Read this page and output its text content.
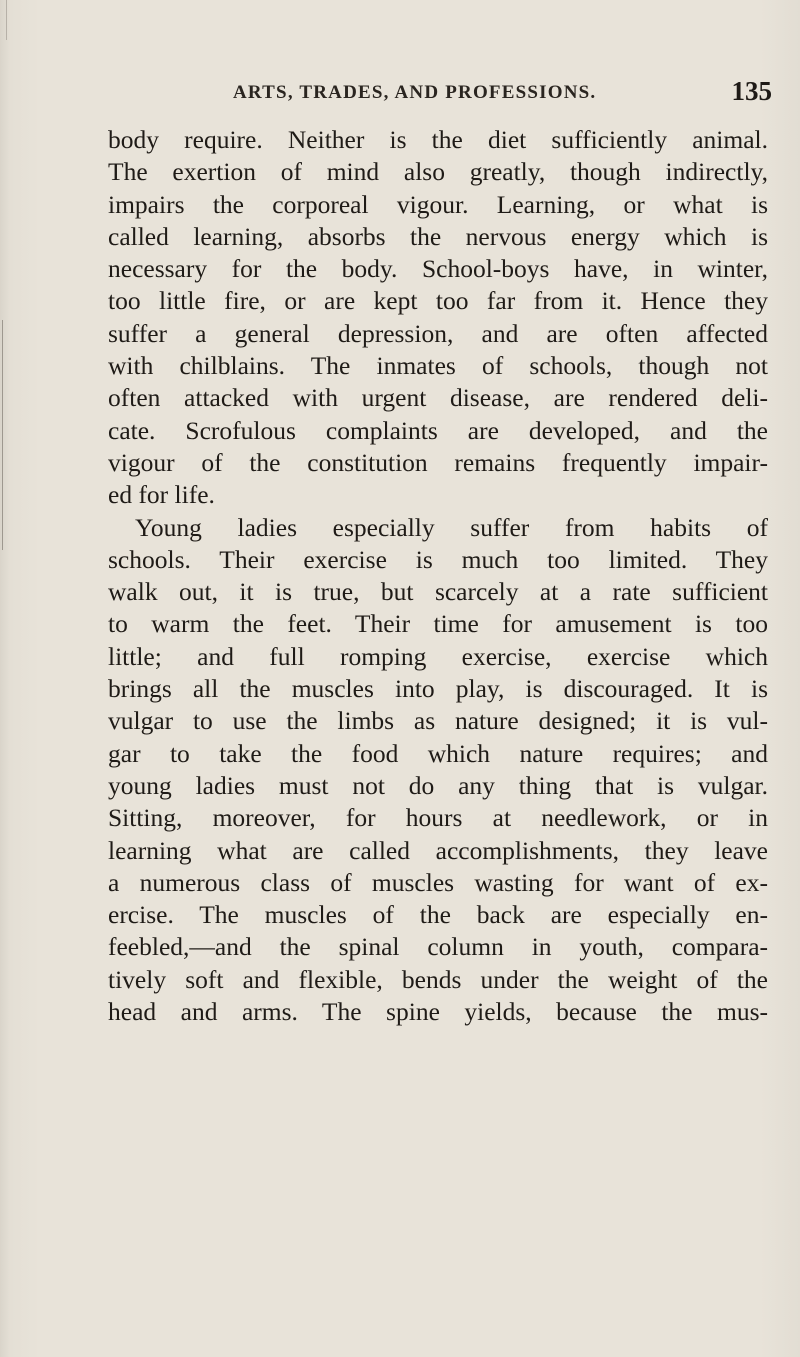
ARTS, TRADES, AND PROFESSIONS.	135
body require. Neither is the diet sufficiently animal.
The exertion of mind also greatly, though indirectly,
impairs the corporeal vigour. Learning, or what is
called learning, absorbs the nervous energy which is
necessary for the body. School-boys have, in winter,
too little fire, or are kept too far from it. Hence they
suffer a general depression, and are often affected
with chilblains. The inmates of schools, though not
often attacked with urgent disease, are rendered deli-
cate. Scrofulous complaints are developed, and the
vigour of the constitution remains frequently impair-
ed for life.
Young ladies especially suffer from habits of
schools. Their exercise is much too limited. They
walk out, it is true, but scarcely at a rate sufficient
to warm the feet. Their time for amusement is too
little; and full romping exercise, exercise which
brings all the muscles into play, is discouraged. It is
vulgar to use the limbs as nature designed; it is vul-
gar to take the food which nature requires; and
young ladies must not do any thing that is vulgar.
Sitting, moreover, for hours at needlework, or in
learning what are called accomplishments, they leave
a numerous class of muscles wasting for want of ex-
ercise. The muscles of the back are especially en-
feebled,—and the spinal column in youth, compara-
tively soft and flexible, bends under the weight of the
head and arms. The spine yields, because the mus-
